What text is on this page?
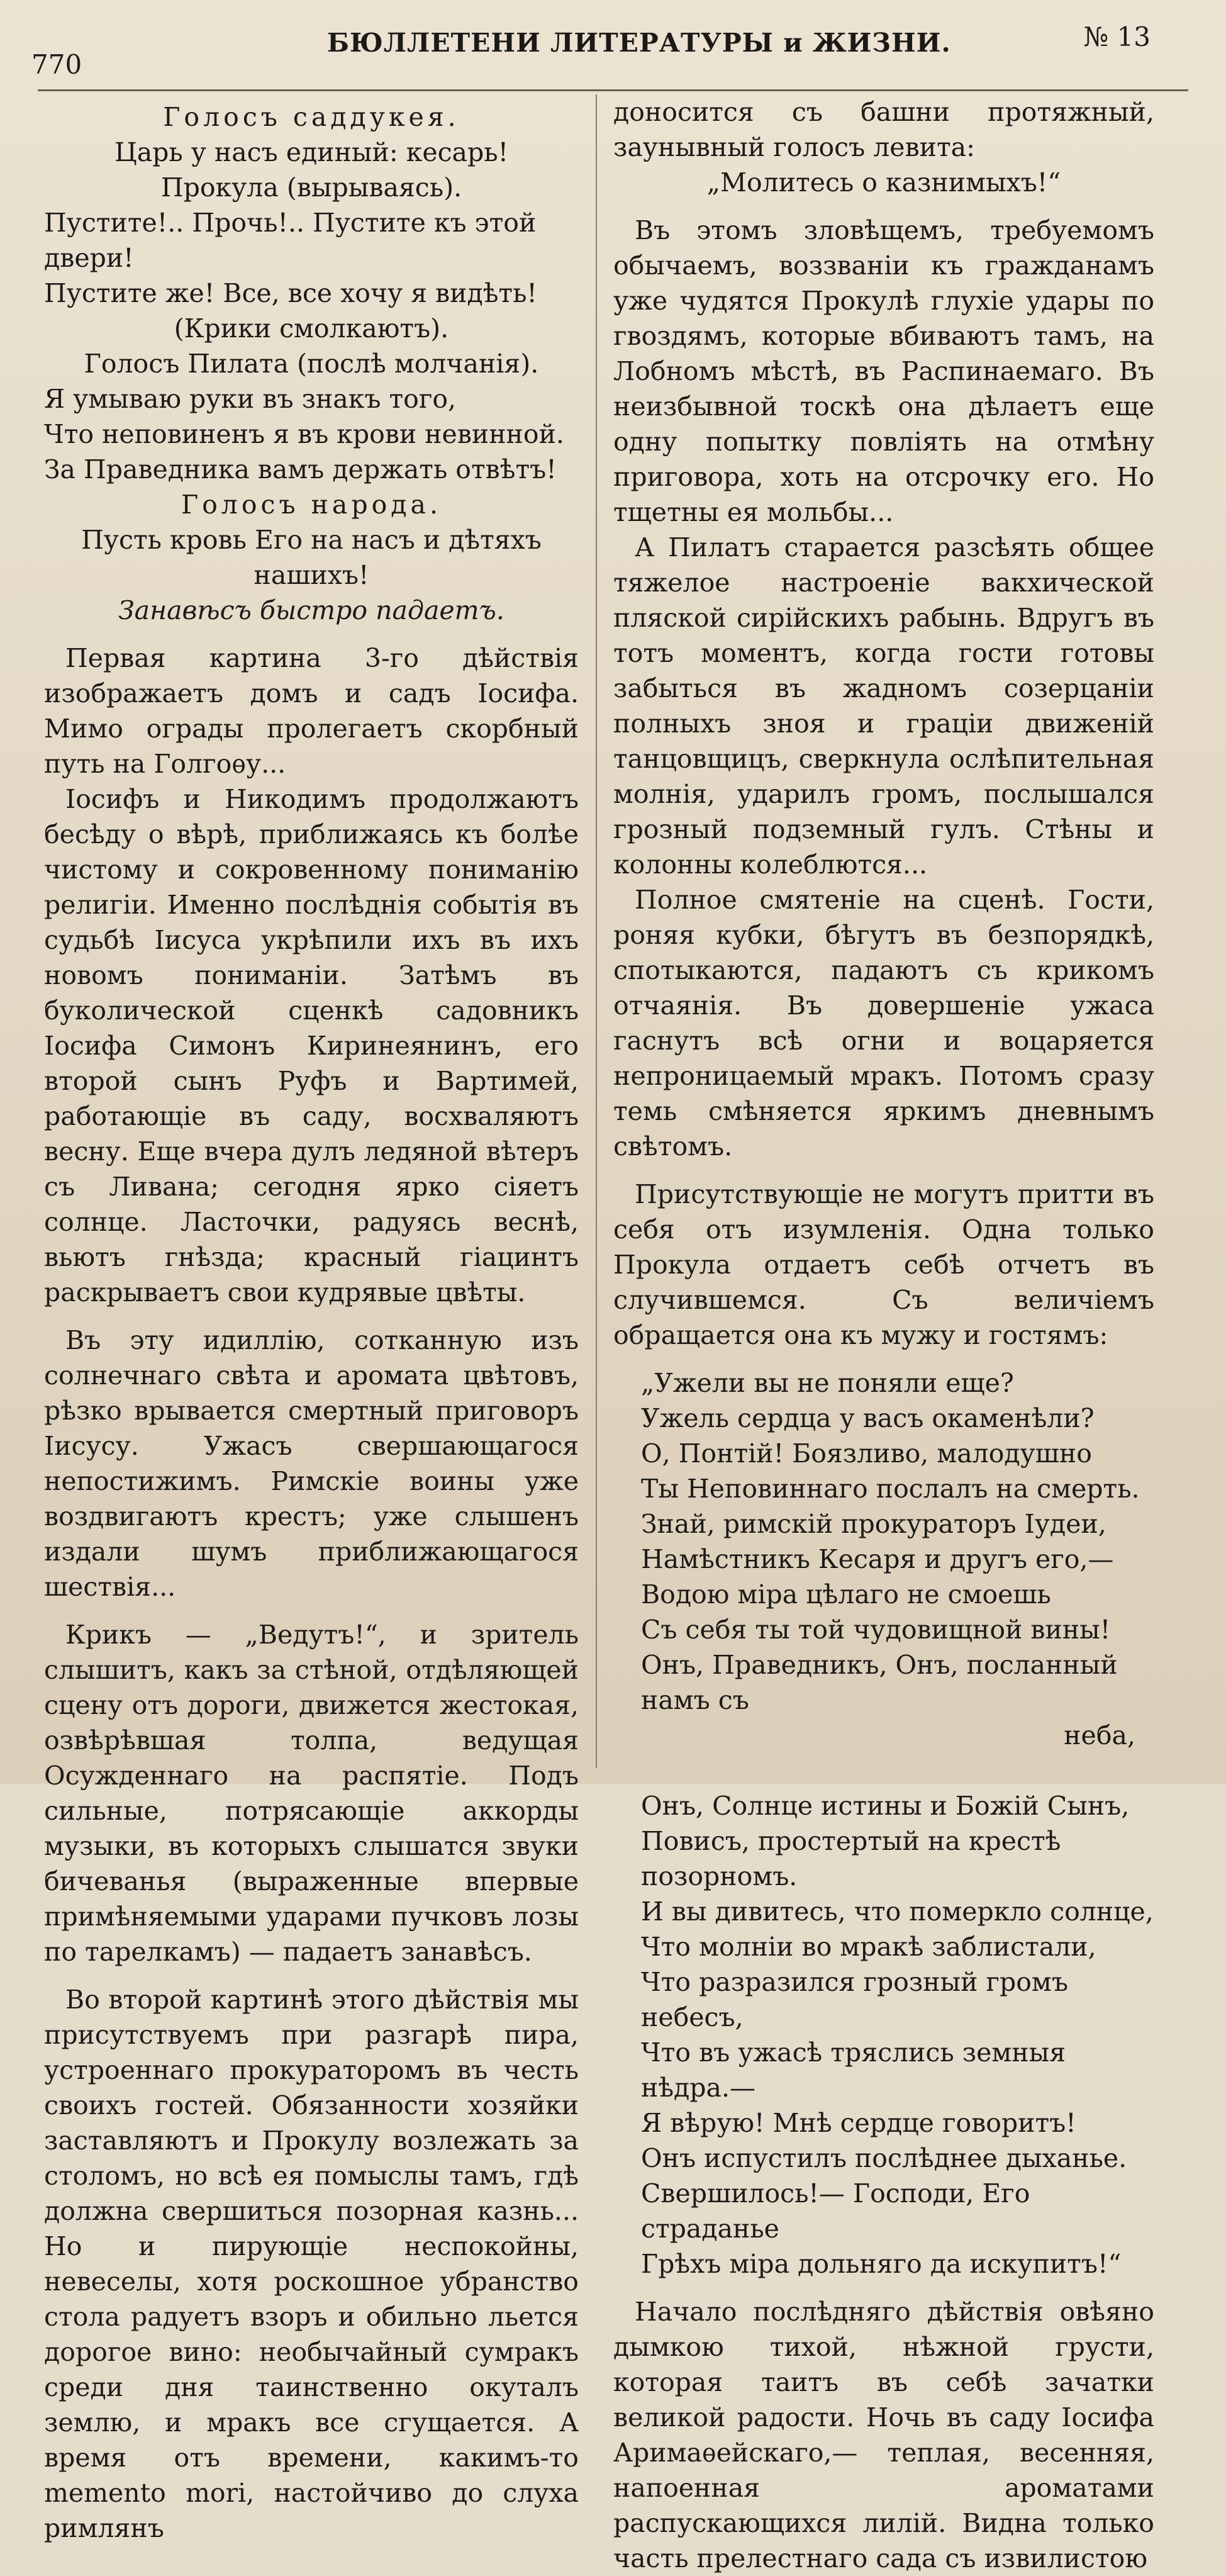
770
БЮЛЛЕТЕНИ ЛИТЕРАТУРЫ и ЖИЗНИ.	№ 13

Голосъ саддукея.

Царь у насъ единый: кесарь!

Прокула (вырываясь).

Пустите!.. Прочь!.. Пустите къ этой двери!

Пустите же! Все, все хочу я видѣть!

(Крики смолкаютъ).

Голосъ Пилата (послѣ молчанія).

Я умываю руки въ знакъ того,

Что неповиненъ я въ крови невинной.

За Праведника вамъ держать отвѣтъ!

Голосъ народа.

Пусть кровь Его на насъ и дѣтяхъ нашихъ!

Занавѣсъ быстро падаетъ.

Первая картина 3-го дѣйствія изображаетъ домъ и садъ Іосифа. Мимо ограды пролегаетъ скорбный путь на Голгоѳу...

Іосифъ и Никодимъ продолжаютъ бесѣду о вѣрѣ, приближаясь къ болѣе чистому и сокровенному пониманію религіи. Именно послѣднія событія въ судьбѣ Іисуса укрѣпили ихъ въ ихъ новомъ пониманіи. Затѣмъ въ буколической сценкѣ садовникъ Іосифа Симонъ Киринеянинъ, его второй сынъ Руфъ и Вартимей, работающіе въ саду, восхваляютъ весну. Еще вчера дулъ ледяной вѣтеръ съ Ливана; сегодня ярко сіяетъ солнце. Ласточки, радуясь веснѣ, вьютъ гнѣзда; красный гіацинтъ раскрываетъ свои кудрявые цвѣты.

Въ эту идиллію, сотканную изъ солнечнаго свѣта и аромата цвѣтовъ, рѣзко врывается смертный приговоръ Іисусу. Ужасъ свершающагося непостижимъ. Римскіе воины уже воздвигаютъ крестъ; уже слышенъ издали шумъ приближающагося шествія...

Крикъ — „Ведутъ!“, и зритель слышитъ, какъ за стѣной, отдѣляющей сцену отъ дороги, движется жестокая, озвѣрѣвшая толпа, ведущая Осужденнаго на распятіе. Подъ сильные, потрясающіе аккорды музыки, въ которыхъ слышатся звуки бичеванья (выраженные впервые примѣняемыми ударами пучковъ лозы по тарелкамъ) — падаетъ занавѣсъ.

Во второй картинѣ этого дѣйствія мы присутствуемъ при разгарѣ пира, устроеннаго прокураторомъ въ честь своихъ гостей. Обязанности хозяйки заставляютъ и Прокулу возлежать за столомъ, но всѣ ея помыслы тамъ, гдѣ должна свершиться позорная казнь... Но и пирующіе неспокойны, невеселы, хотя роскошное убранство стола радуетъ взоръ и обильно льется дорогое вино: необычайный сумракъ среди дня таинственно окуталъ землю, и мракъ все сгущается. А время отъ времени, какимъ-то memento mori, настойчиво до слуха римлянъ

доносится съ башни протяжный, заунывный голосъ левита:

„Молитесь о казнимыхъ!“

Въ этомъ зловѣщемъ, требуемомъ обычаемъ, воззваніи къ гражданамъ уже чудятся Прокулѣ глухіе удары по гвоздямъ, которые вбиваютъ тамъ, на Лобномъ мѣстѣ, въ Распинаемаго. Въ неизбывной тоскѣ она дѣлаетъ еще одну попытку повліять на отмѣну приговора, хоть на отсрочку его. Но тщетны ея мольбы...

А Пилатъ старается разсѣять общее тяжелое настроеніе вакхической пляской сирійскихъ рабынь. Вдругъ въ тотъ моментъ, когда гости готовы забыться въ жадномъ созерцаніи полныхъ зноя и граціи движеній танцовщицъ, сверкнула ослѣпительная молнія, ударилъ громъ, послышался грозный подземный гулъ. Стѣны и колонны колеблются...

Полное смятеніе на сценѣ. Гости, роняя кубки, бѣгутъ въ безпорядкѣ, спотыкаются, падаютъ съ крикомъ отчаянія. Въ довершеніе ужаса гаснутъ всѣ огни и воцаряется непроницаемый мракъ. Потомъ сразу темь смѣняется яркимъ дневнымъ свѣтомъ.

Присутствующіе не могутъ притти въ себя отъ изумленія. Одна только Прокула отдаетъ себѣ отчетъ въ случившемся. Съ величіемъ обращается она къ мужу и гостямъ:

„Ужели вы не поняли еще?

Ужель сердца у васъ окаменѣли?

О, Понтій! Боязливо, малодушно

Ты Неповиннаго послалъ на смерть.

Знай, римскій прокураторъ Іудеи,

Намѣстникъ Кесаря и другъ его,—

Водою міра цѣлаго не смоешь

Съ себя ты той чудовищной вины!

Онъ, Праведникъ, Онъ, посланный намъ съ

неба,

Онъ, Солнце истины и Божій Сынъ,

Повисъ, простертый на крестѣ позорномъ.

И вы дивитесь, что померкло солнце,

Что молніи во мракѣ заблистали,

Что разразился грозный громъ небесъ,

Что въ ужасѣ тряслись земныя нѣдра.—

Я вѣрую! Мнѣ сердце говоритъ!

Онъ испустилъ послѣднее дыханье.

Свершилось!— Господи, Его страданье

Грѣхъ міра дольняго да искупитъ!“

Начало послѣдняго дѣйствія овѣяно дымкою тихой, нѣжной грусти, которая таитъ въ себѣ зачатки великой радости. Ночь въ саду Іосифа Аримаѳейскаго,— теплая, весенняя, напоенная ароматами распускающихся лилій. Видна только часть прелестнаго сада съ извилистою
